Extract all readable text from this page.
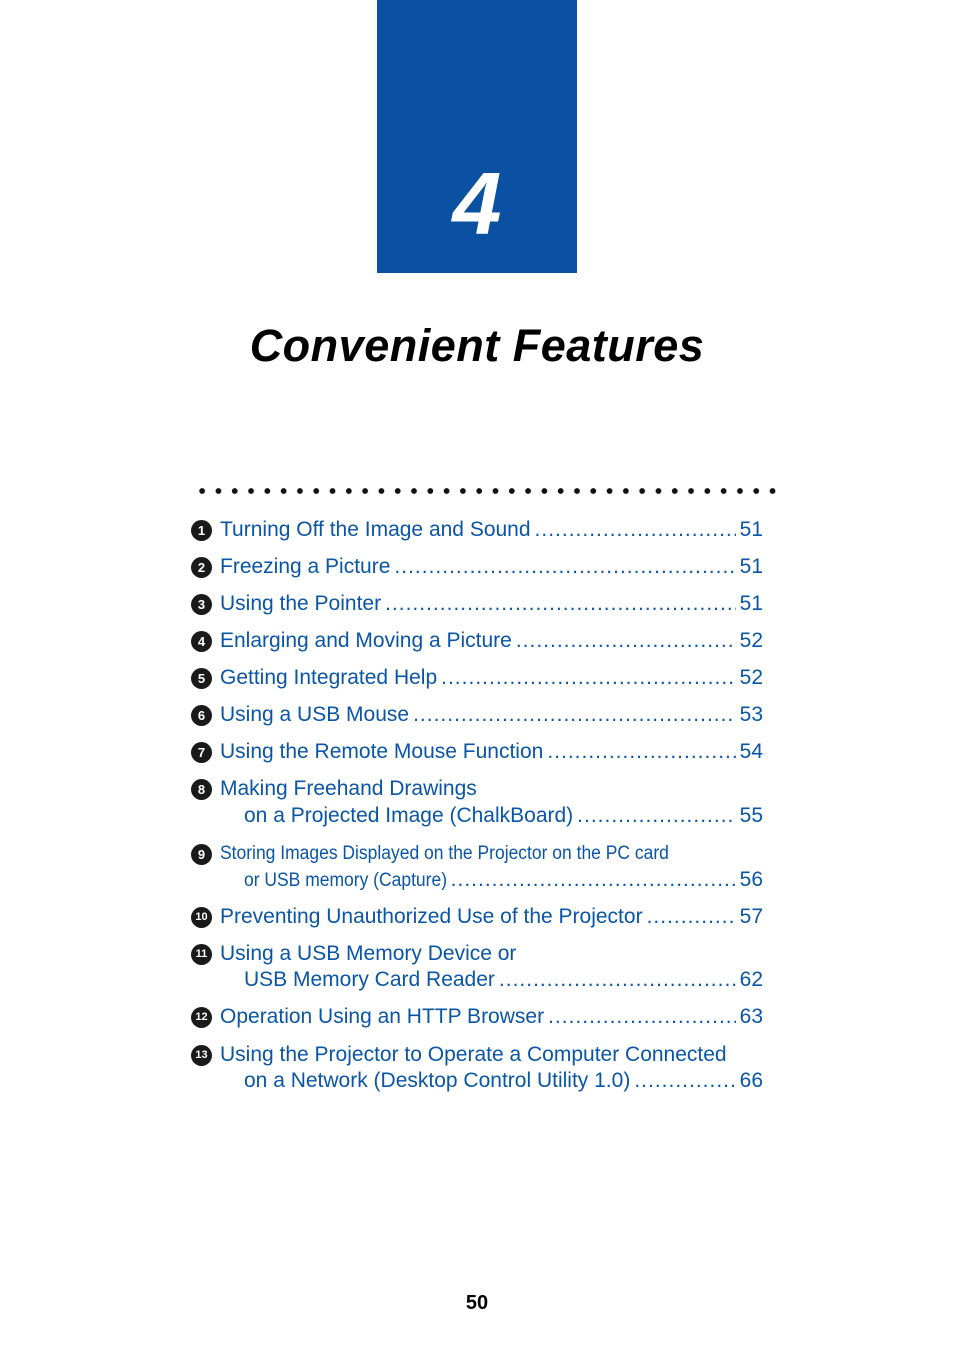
4
Convenient Features
1 Turning Off the Image and Sound .....	51
2 Freezing a Picture .....	51
3 Using the Pointer .....	51
4 Enlarging and Moving a Picture .....	52
5 Getting Integrated Help .....	52
6 Using a USB Mouse .....	53
7 Using the Remote Mouse Function .....	54
8 Making Freehand Drawings
on a Projected Image (ChalkBoard) .....	55
9 Storing Images Displayed on the Projector on the PC card
or USB memory (Capture) .....	56
10 Preventing Unauthorized Use of the Projector .....	57
11 Using a USB Memory Device or
USB Memory Card Reader .....	62
12 Operation Using an HTTP Browser .....	63
13 Using the Projector to Operate a Computer Connected
on a Network (Desktop Control Utility 1.0) .....	66
50
